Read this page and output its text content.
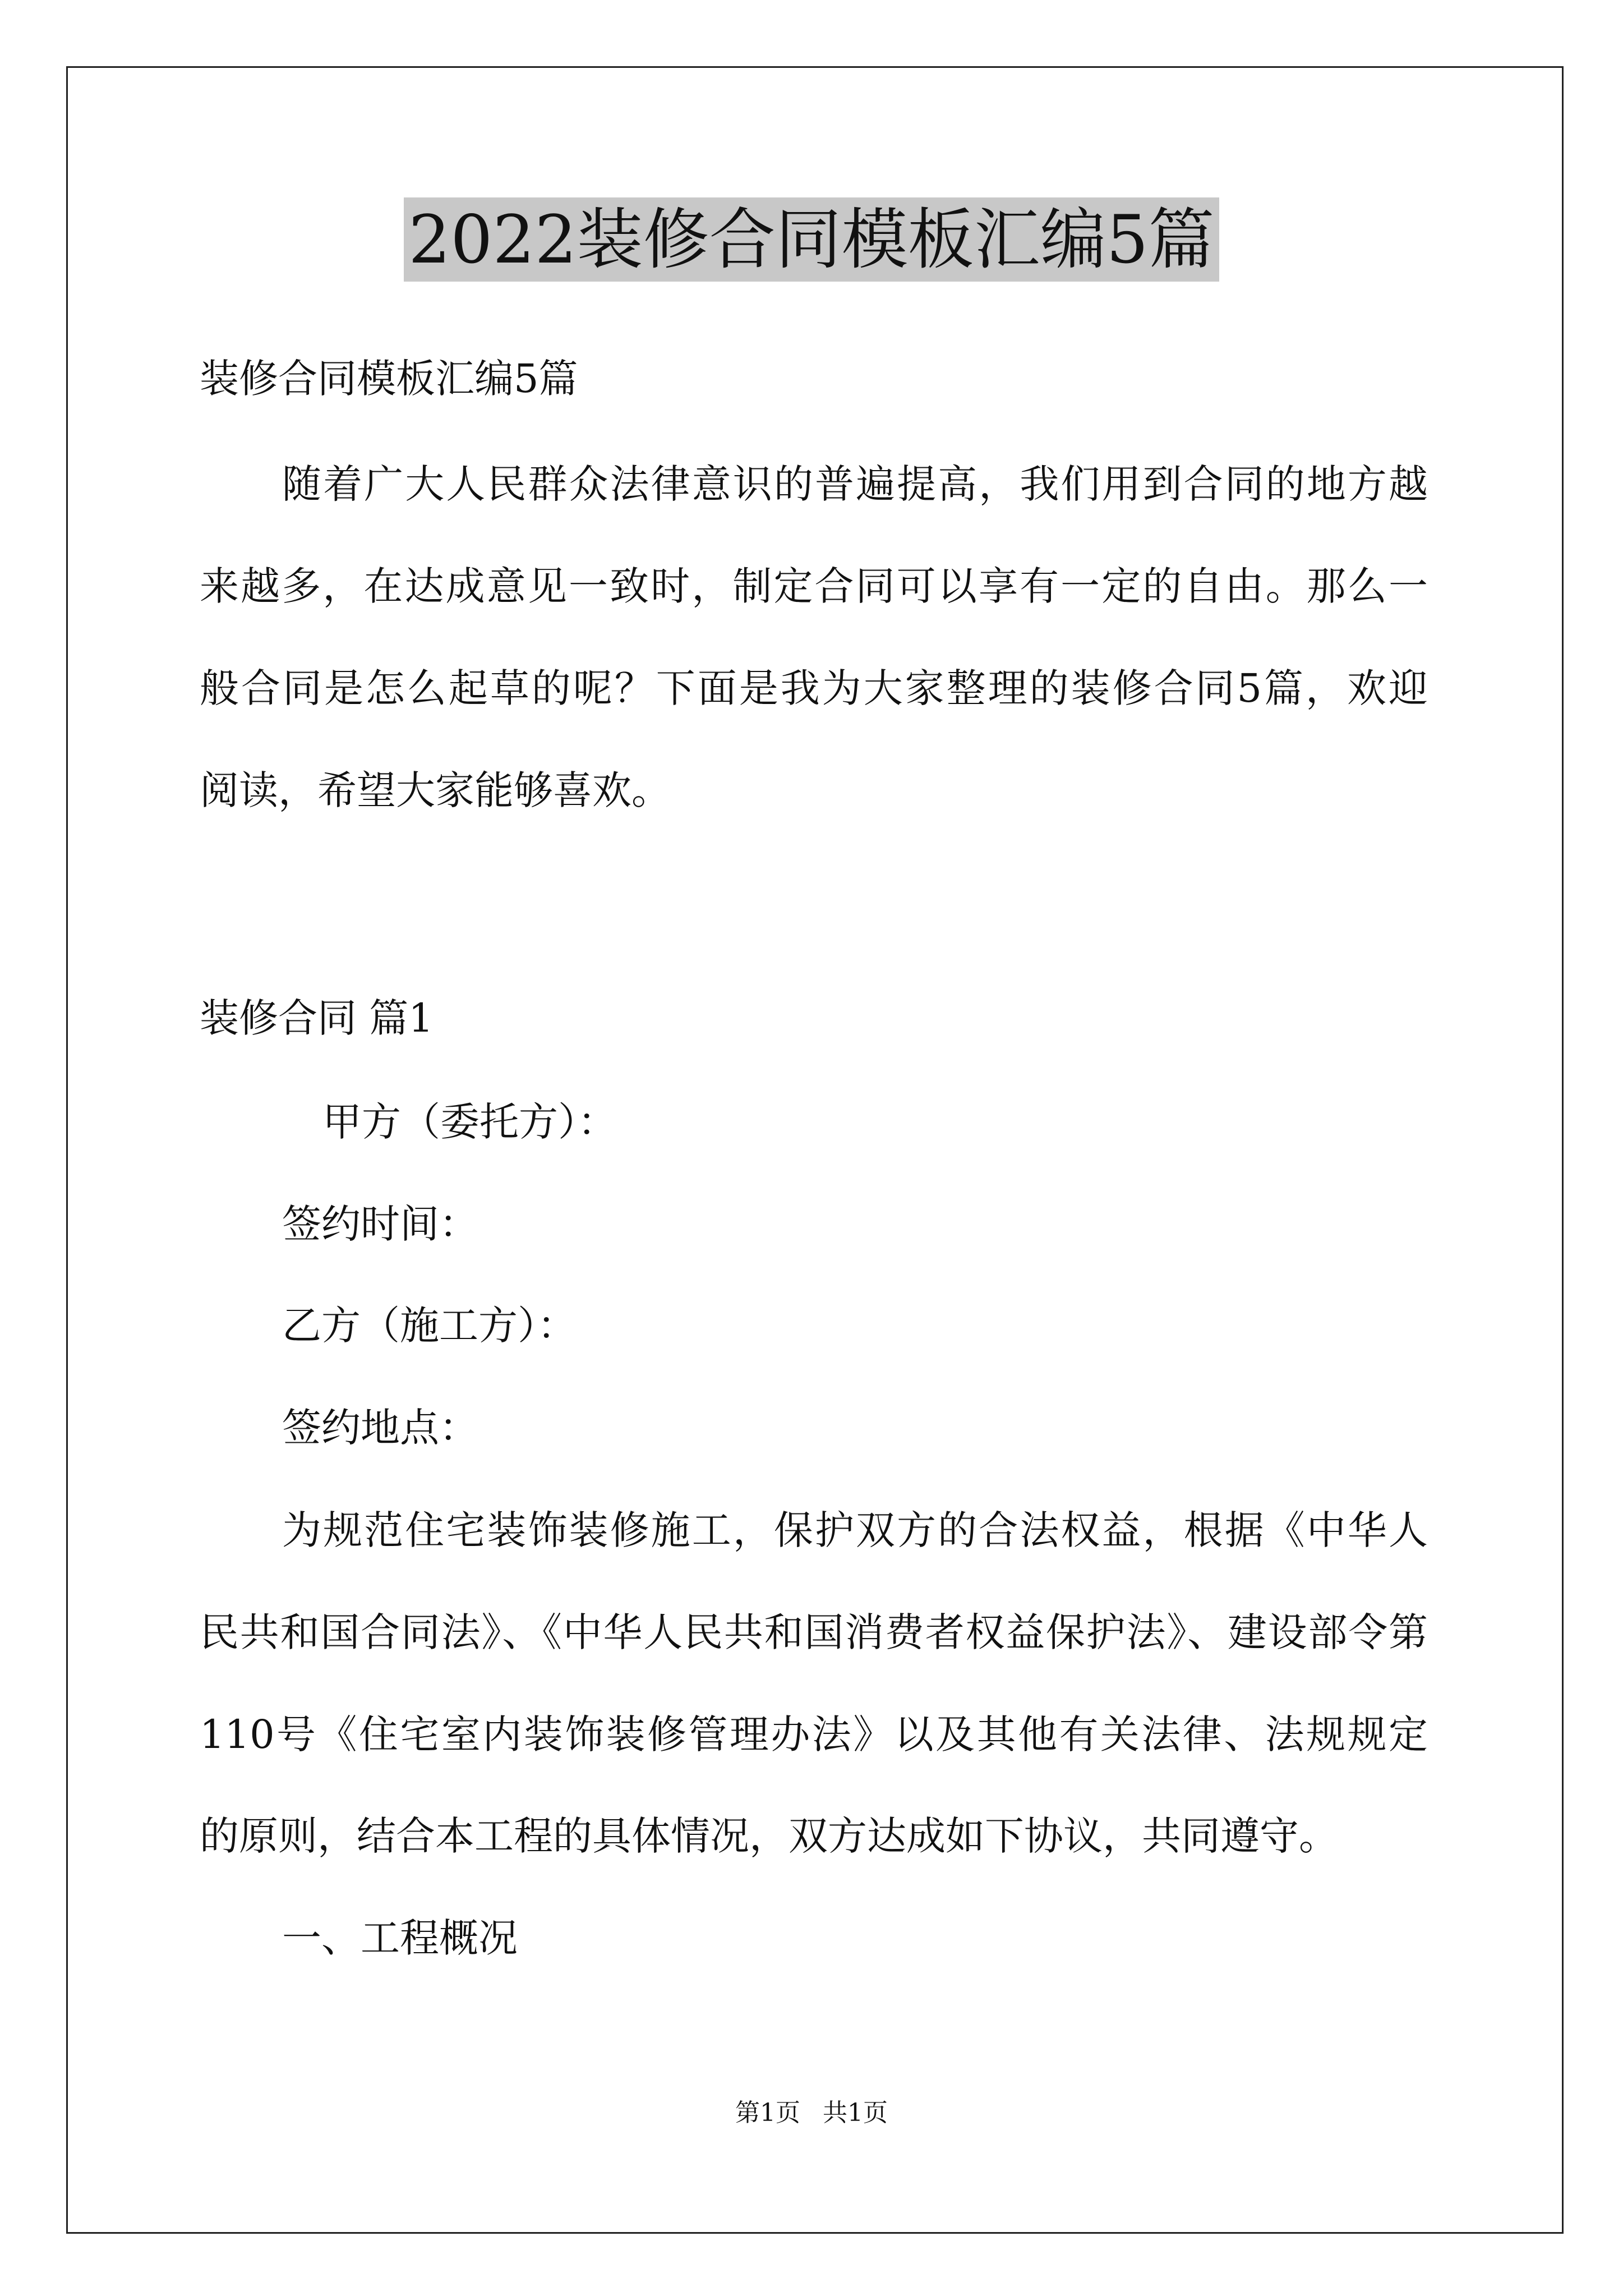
2022装修合同模板汇编5篇
装修合同模板汇编5篇
随着广大人民群众法律意识的普遍提高，我们用到合同的地方越
来越多，在达成意见一致时，制定合同可以享有一定的自由。那么一
般合同是怎么起草的呢？下面是我为大家整理的装修合同5篇，欢迎
阅读，希望大家能够喜欢。
装修合同 篇1
甲方（委托方）：
签约时间：
乙方（施工方）：
签约地点：
为规范住宅装饰装修施工，保护双方的合法权益，根据《中华人
民共和国合同法》、《中华人民共和国消费者权益保护法》、建设部令第
110号《住宅室内装饰装修管理办法》以及其他有关法律、法规规定
的原则，结合本工程的具体情况，双方达成如下协议，共同遵守。
一、工程概况
第1页 共1页
